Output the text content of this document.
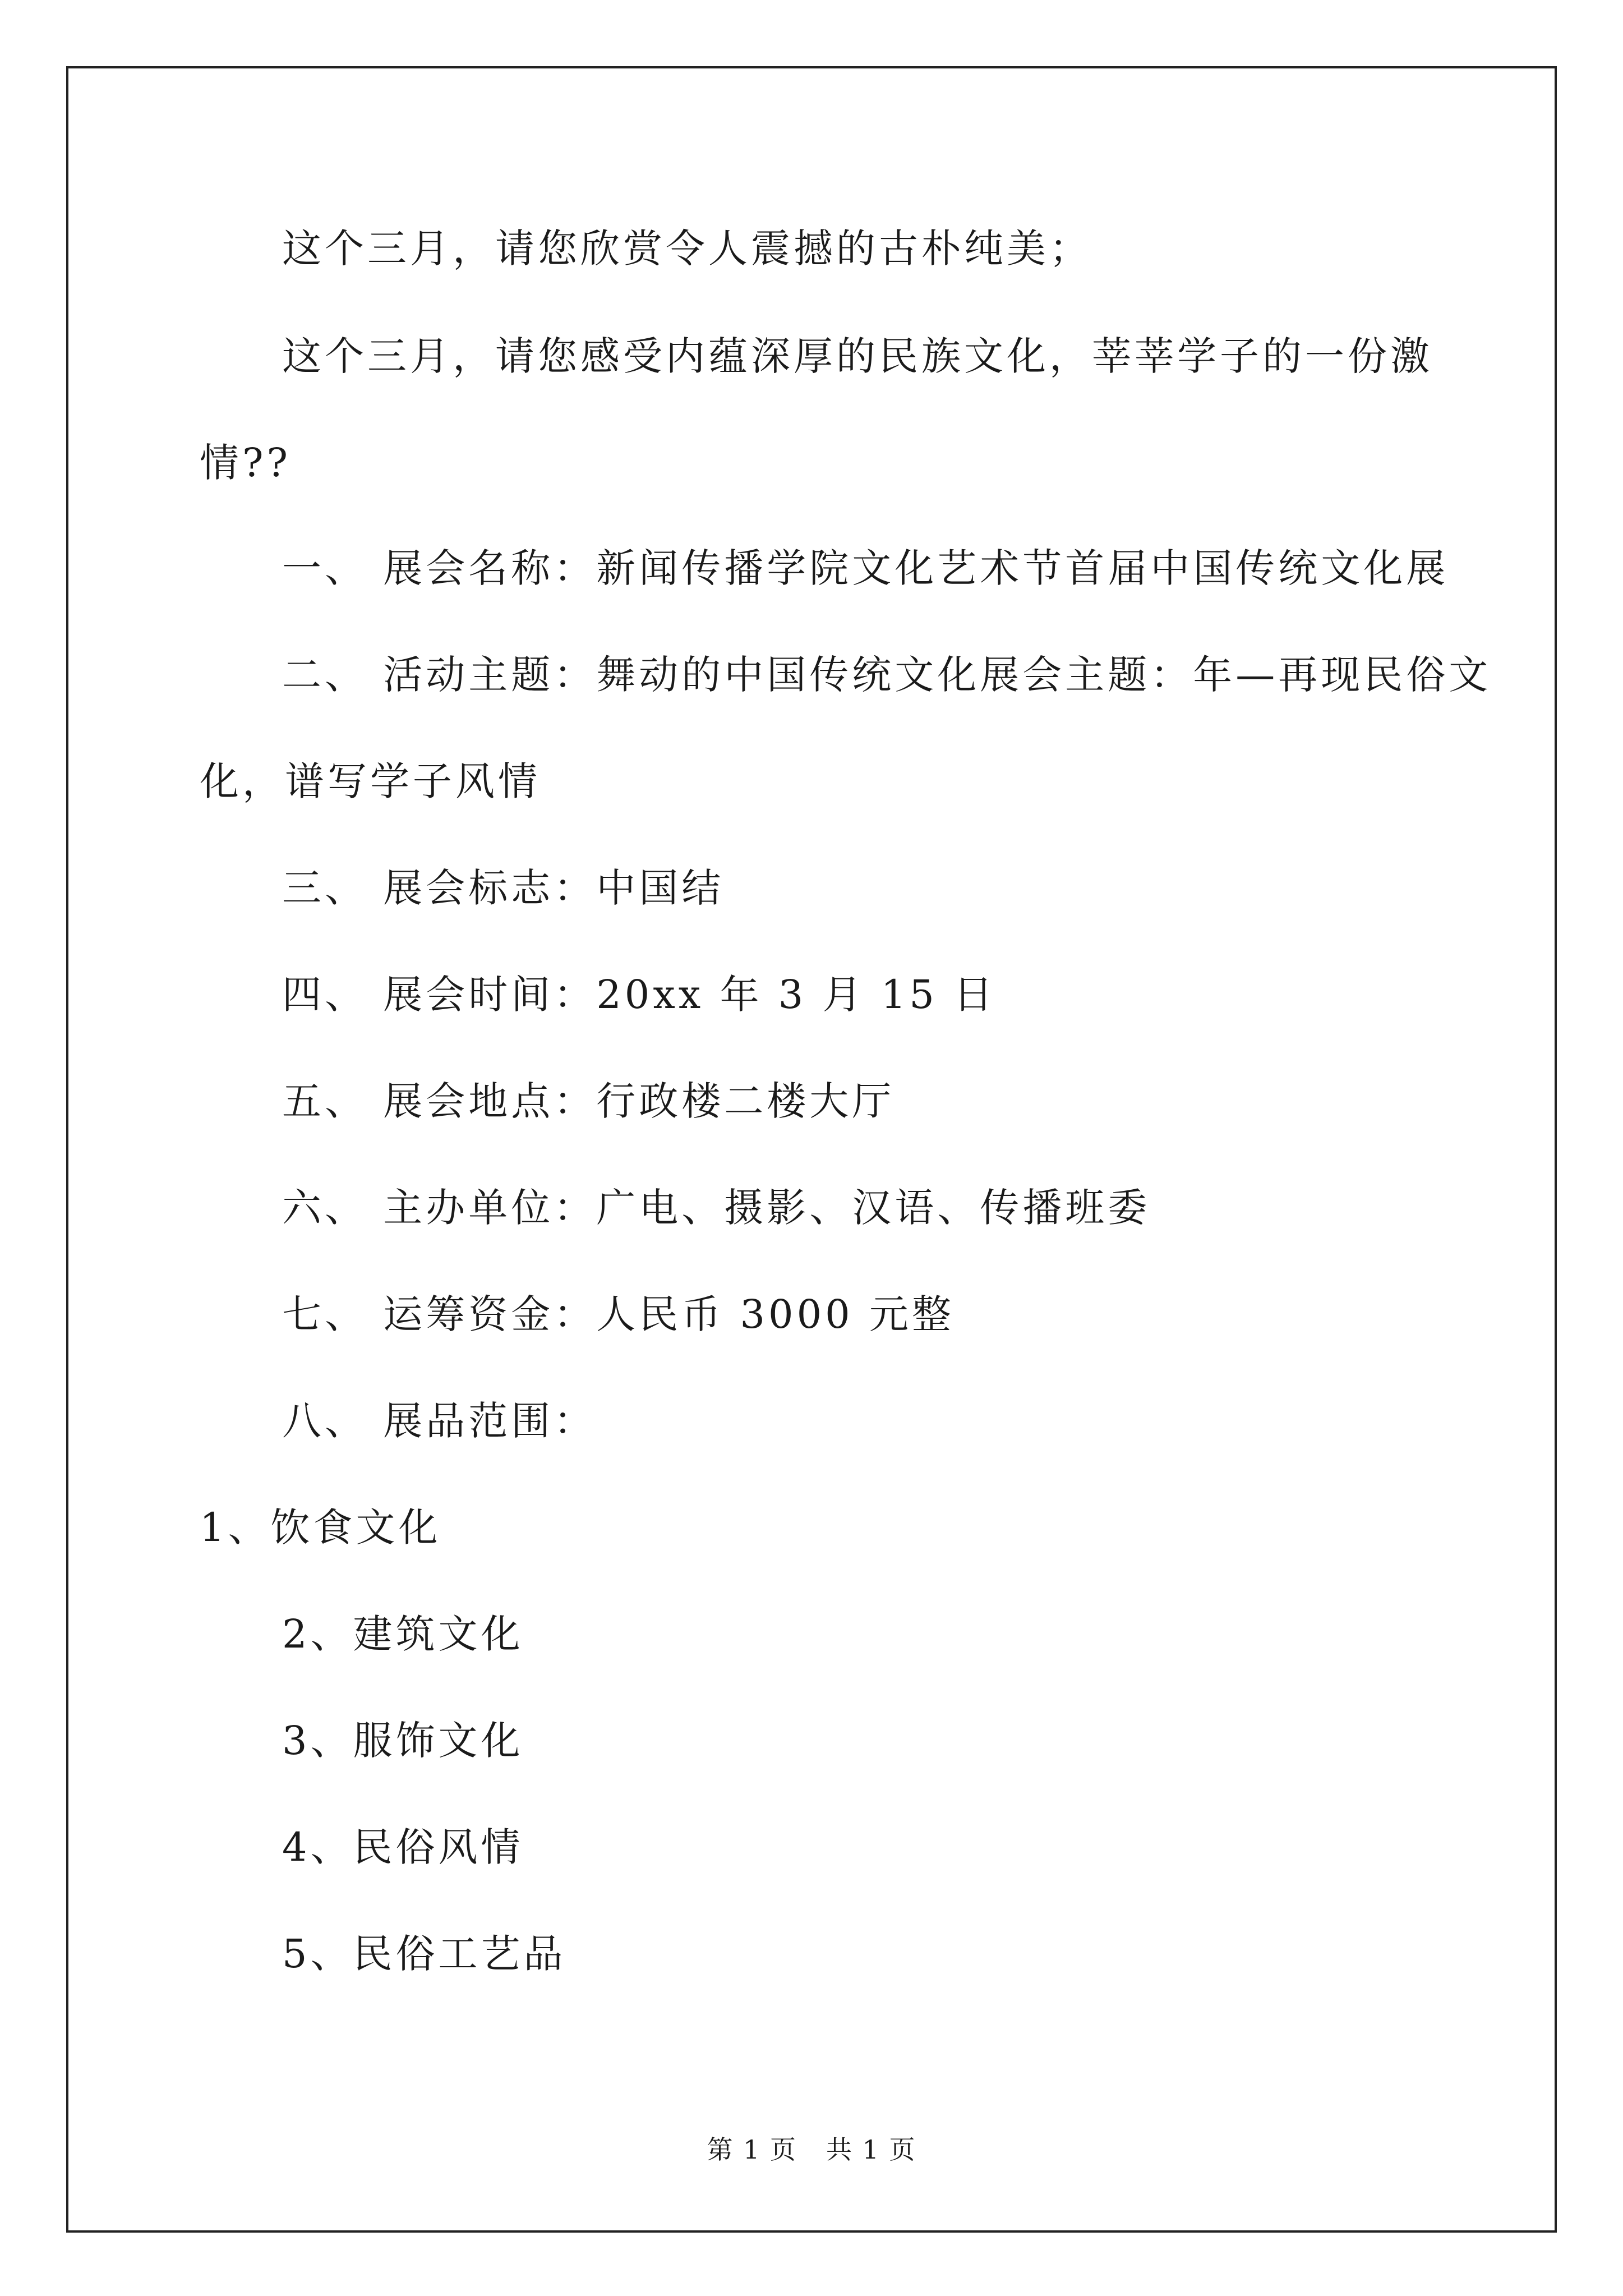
这个三月，请您欣赏令人震撼的古朴纯美；
这个三月，请您感受内蕴深厚的民族文化，莘莘学子的一份激
情??
一、 展会名称：新闻传播学院文化艺术节首届中国传统文化展
二、 活动主题：舞动的中国传统文化展会主题：年—再现民俗文
化，谱写学子风情
三、 展会标志：中国结
四、 展会时间：20xx 年 3 月 15 日
五、 展会地点：行政楼二楼大厅
六、 主办单位：广电、摄影、汉语、传播班委
七、 运筹资金：人民币 3000 元整
八、 展品范围：
1、饮食文化
2、建筑文化
3、服饰文化
4、民俗风情
5、民俗工艺品
第 1 页 共 1 页
